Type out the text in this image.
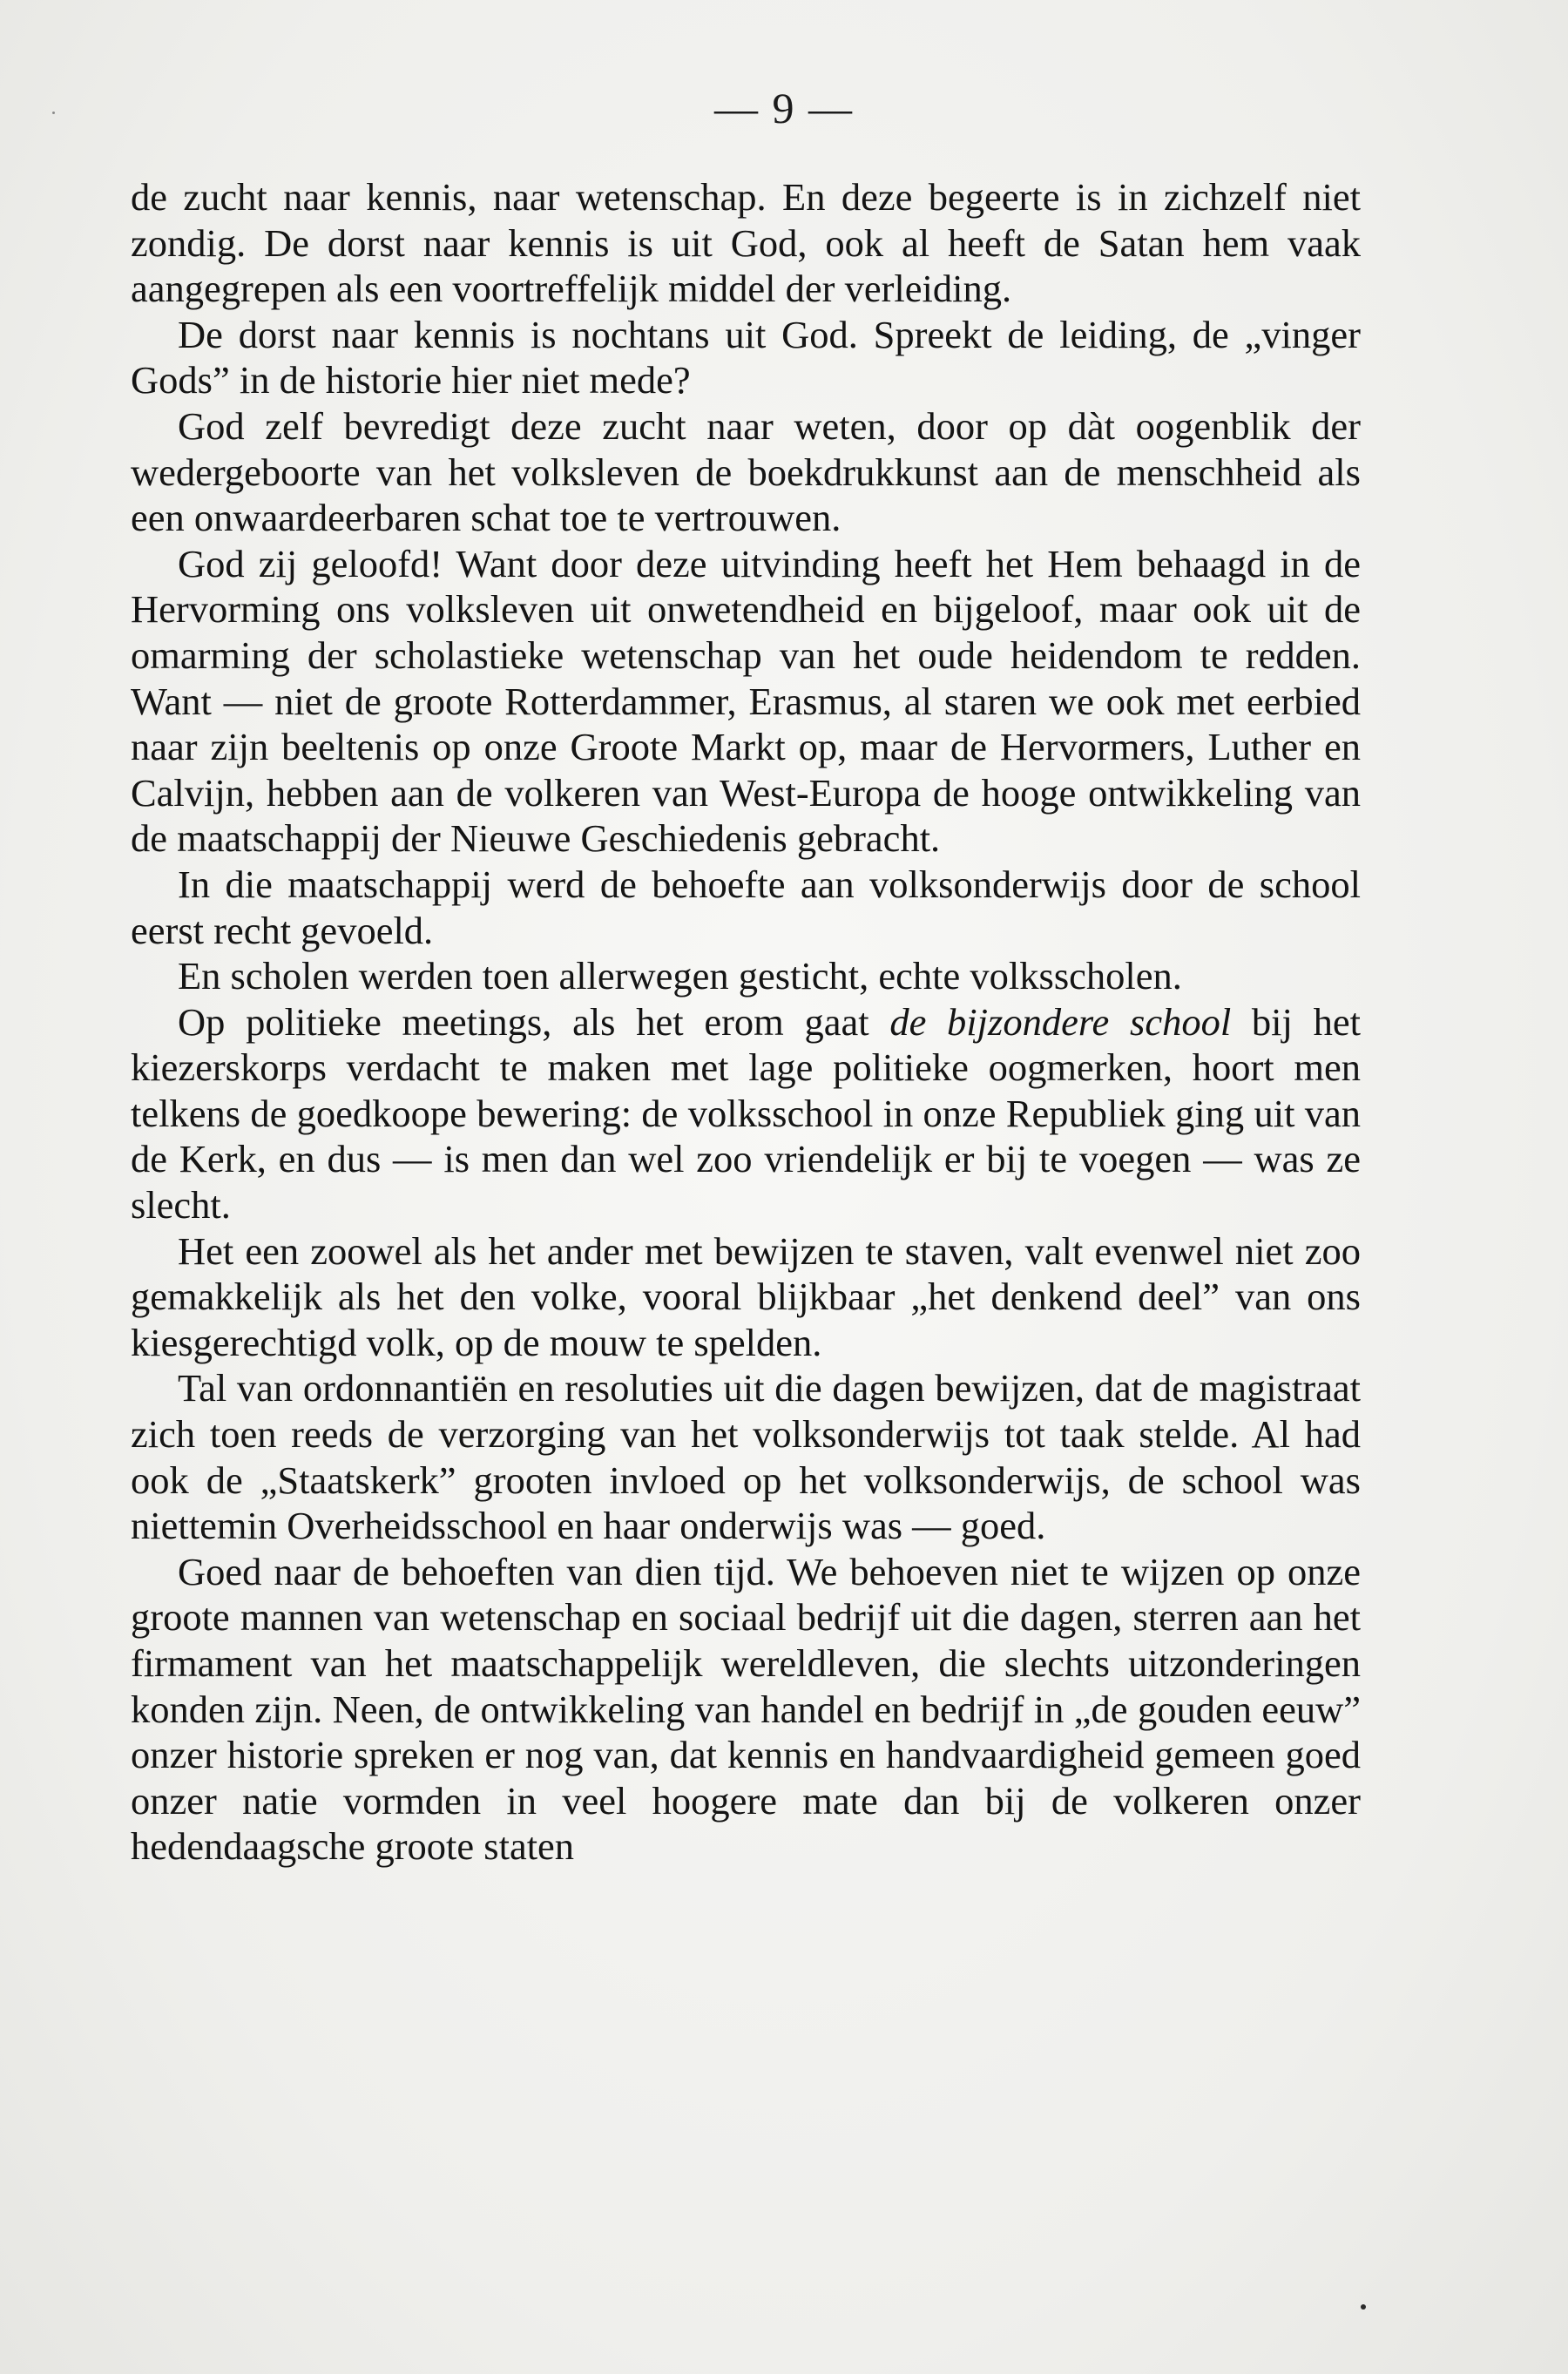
— 9 —

de zucht naar kennis, naar wetenschap. En deze begeerte is in zichzelf niet zondig. De dorst naar kennis is uit God, ook al heeft de Satan hem vaak aangegrepen als een voortreffelijk middel der verleiding.

De dorst naar kennis is nochtans uit God. Spreekt de leiding, de „vinger Gods” in de historie hier niet mede?

God zelf bevredigt deze zucht naar weten, door op dàt oogenblik der wedergeboorte van het volksleven de boekdrukkunst aan de menschheid als een onwaardeerbaren schat toe te vertrouwen.

God zij geloofd! Want door deze uitvinding heeft het Hem behaagd in de Hervorming ons volksleven uit onwetendheid en bijgeloof, maar ook uit de omarming der scholastieke wetenschap van het oude heidendom te redden. Want — niet de groote Rotterdammer, Erasmus, al staren we ook met eerbied naar zijn beeltenis op onze Groote Markt op, maar de Hervormers, Luther en Calvijn, hebben aan de volkeren van West-Europa de hooge ontwikkeling van de maatschappij der Nieuwe Geschiedenis gebracht.

In die maatschappij werd de behoefte aan volksonderwijs door de school eerst recht gevoeld.

En scholen werden toen allerwegen gesticht, echte volksscholen.

Op politieke meetings, als het erom gaat de bijzondere school bij het kiezerskorps verdacht te maken met lage politieke oogmerken, hoort men telkens de goedkoope bewering: de volksschool in onze Republiek ging uit van de Kerk, en dus — is men dan wel zoo vriendelijk er bij te voegen — was ze slecht.

Het een zoowel als het ander met bewijzen te staven, valt evenwel niet zoo gemakkelijk als het den volke, vooral blijkbaar „het denkend deel” van ons kiesgerechtigd volk, op de mouw te spelden.

Tal van ordonnantiën en resoluties uit die dagen bewijzen, dat de magistraat zich toen reeds de verzorging van het volksonderwijs tot taak stelde. Al had ook de „Staatskerk” grooten invloed op het volksonderwijs, de school was niettemin Overheidsschool en haar onderwijs was — goed.

Goed naar de behoeften van dien tijd. We behoeven niet te wijzen op onze groote mannen van wetenschap en sociaal bedrijf uit die dagen, sterren aan het firmament van het maatschappelijk wereldleven, die slechts uitzonderingen konden zijn. Neen, de ontwikkeling van handel en bedrijf in „de gouden eeuw” onzer historie spreken er nog van, dat kennis en handvaardigheid gemeen goed onzer natie vormden in veel hoogere mate dan bij de volkeren onzer hedendaagsche groote staten
